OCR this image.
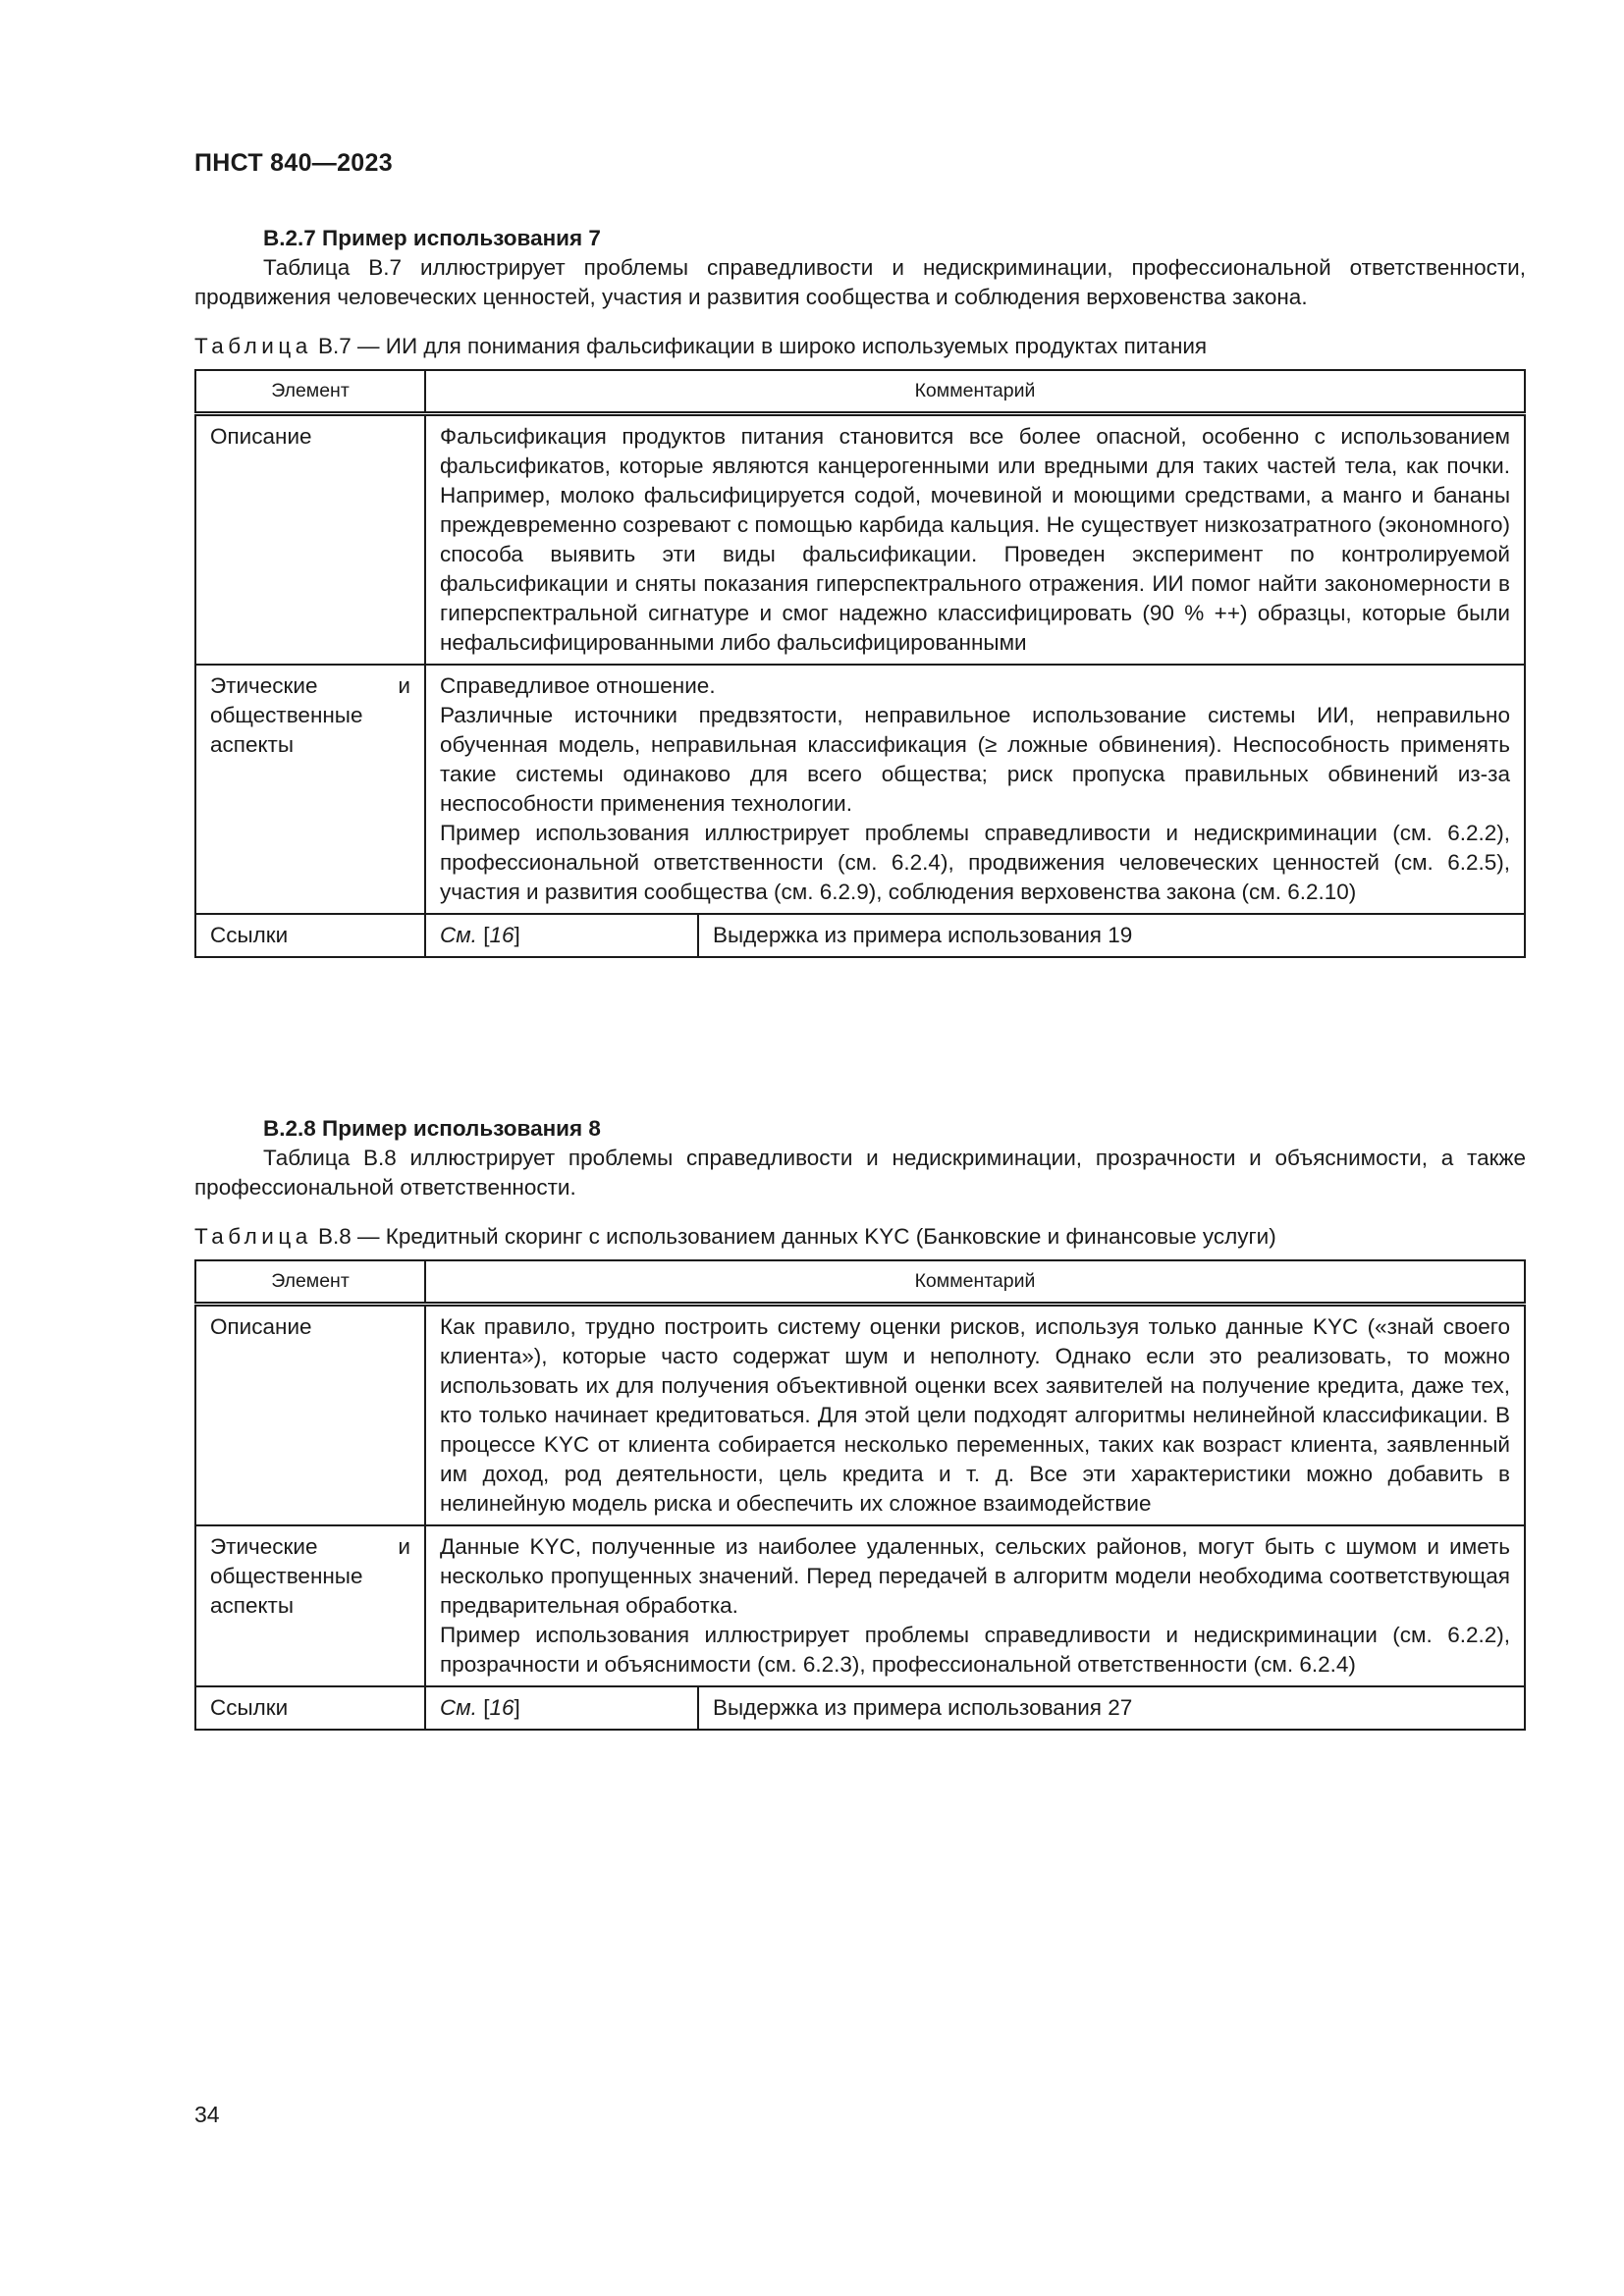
ПНСТ 840—2023
В.2.7 Пример использования 7

Таблица В.7 иллюстрирует проблемы справедливости и недискриминации, профессиональной ответственности, продвижения человеческих ценностей, участия и развития сообщества и соблюдения верховенства закона.

Таблица В.7 — ИИ для понимания фальсификации в широко используемых продуктах питания
Элемент	Комментарий	
Описание	Фальсификация продуктов питания становится все более опасной, особенно с использованием фальсификатов, которые являются канцерогенными или вредными для таких частей тела, как почки. Например, молоко фальсифицируется содой, мочевиной и моющими средствами, а манго и бананы преждевременно созревают с помощью карбида кальция. Не существует низкозатратного (экономного) способа выявить эти виды фальсификации. Проведен эксперимент по контролируемой фальсификации и сняты показания гиперспектрального отражения. ИИ помог найти закономерности в гиперспектральной сигнатуре и смог надежно классифицировать (90 % ++) образцы, которые были нефальсифицированными либо фальсифицированными	

Этические и общественные аспекты	Справедливое отношение.
Различные источники предвзятости, неправильное использование системы ИИ, неправильно обученная модель, неправильная классификация (≥ ложные обвинения). Неспособность применять такие системы одинаково для всего общества; риск пропуска правильных обвинений из-за неспособности применения технологии.
Пример использования иллюстрирует проблемы справедливости и недискриминации (см. 6.2.2), профессиональной ответственности (см. 6.2.4), продвижения человеческих ценностей (см. 6.2.5), участия и развития сообщества (см. 6.2.9), соблюдения верховенства закона (см. 6.2.10)	

Ссылки	См. [16]	Выдержка из примера использования 19
В.2.8 Пример использования 8

Таблица В.8 иллюстрирует проблемы справедливости и недискриминации, прозрачности и объяснимости, а также профессиональной ответственности.

Таблица В.8 — Кредитный скоринг с использованием данных KYC (Банковские и финансовые услуги)
Элемент	Комментарий	
Описание	Как правило, трудно построить систему оценки рисков, используя только данные KYC («знай своего клиента»), которые часто содержат шум и неполноту. Однако если это реализовать, то можно использовать их для получения объективной оценки всех заявителей на получение кредита, даже тех, кто только начинает кредитоваться. Для этой цели подходят алгоритмы нелинейной классификации. В процессе KYC от клиента собирается несколько переменных, таких как возраст клиента, заявленный им доход, род деятельности, цель кредита и т. д. Все эти характеристики можно добавить в нелинейную модель риска и обеспечить их сложное взаимодействие	

Этические и общественные аспекты	Данные KYC, полученные из наиболее удаленных, сельских районов, могут быть с шумом и иметь несколько пропущенных значений. Перед передачей в алгоритм модели необходима соответствующая предварительная обработка.
Пример использования иллюстрирует проблемы справедливости и недискриминации (см. 6.2.2), прозрачности и объяснимости (см. 6.2.3), профессиональной ответственности (см. 6.2.4)	

Ссылки	См. [16]	Выдержка из примера использования 27
34
